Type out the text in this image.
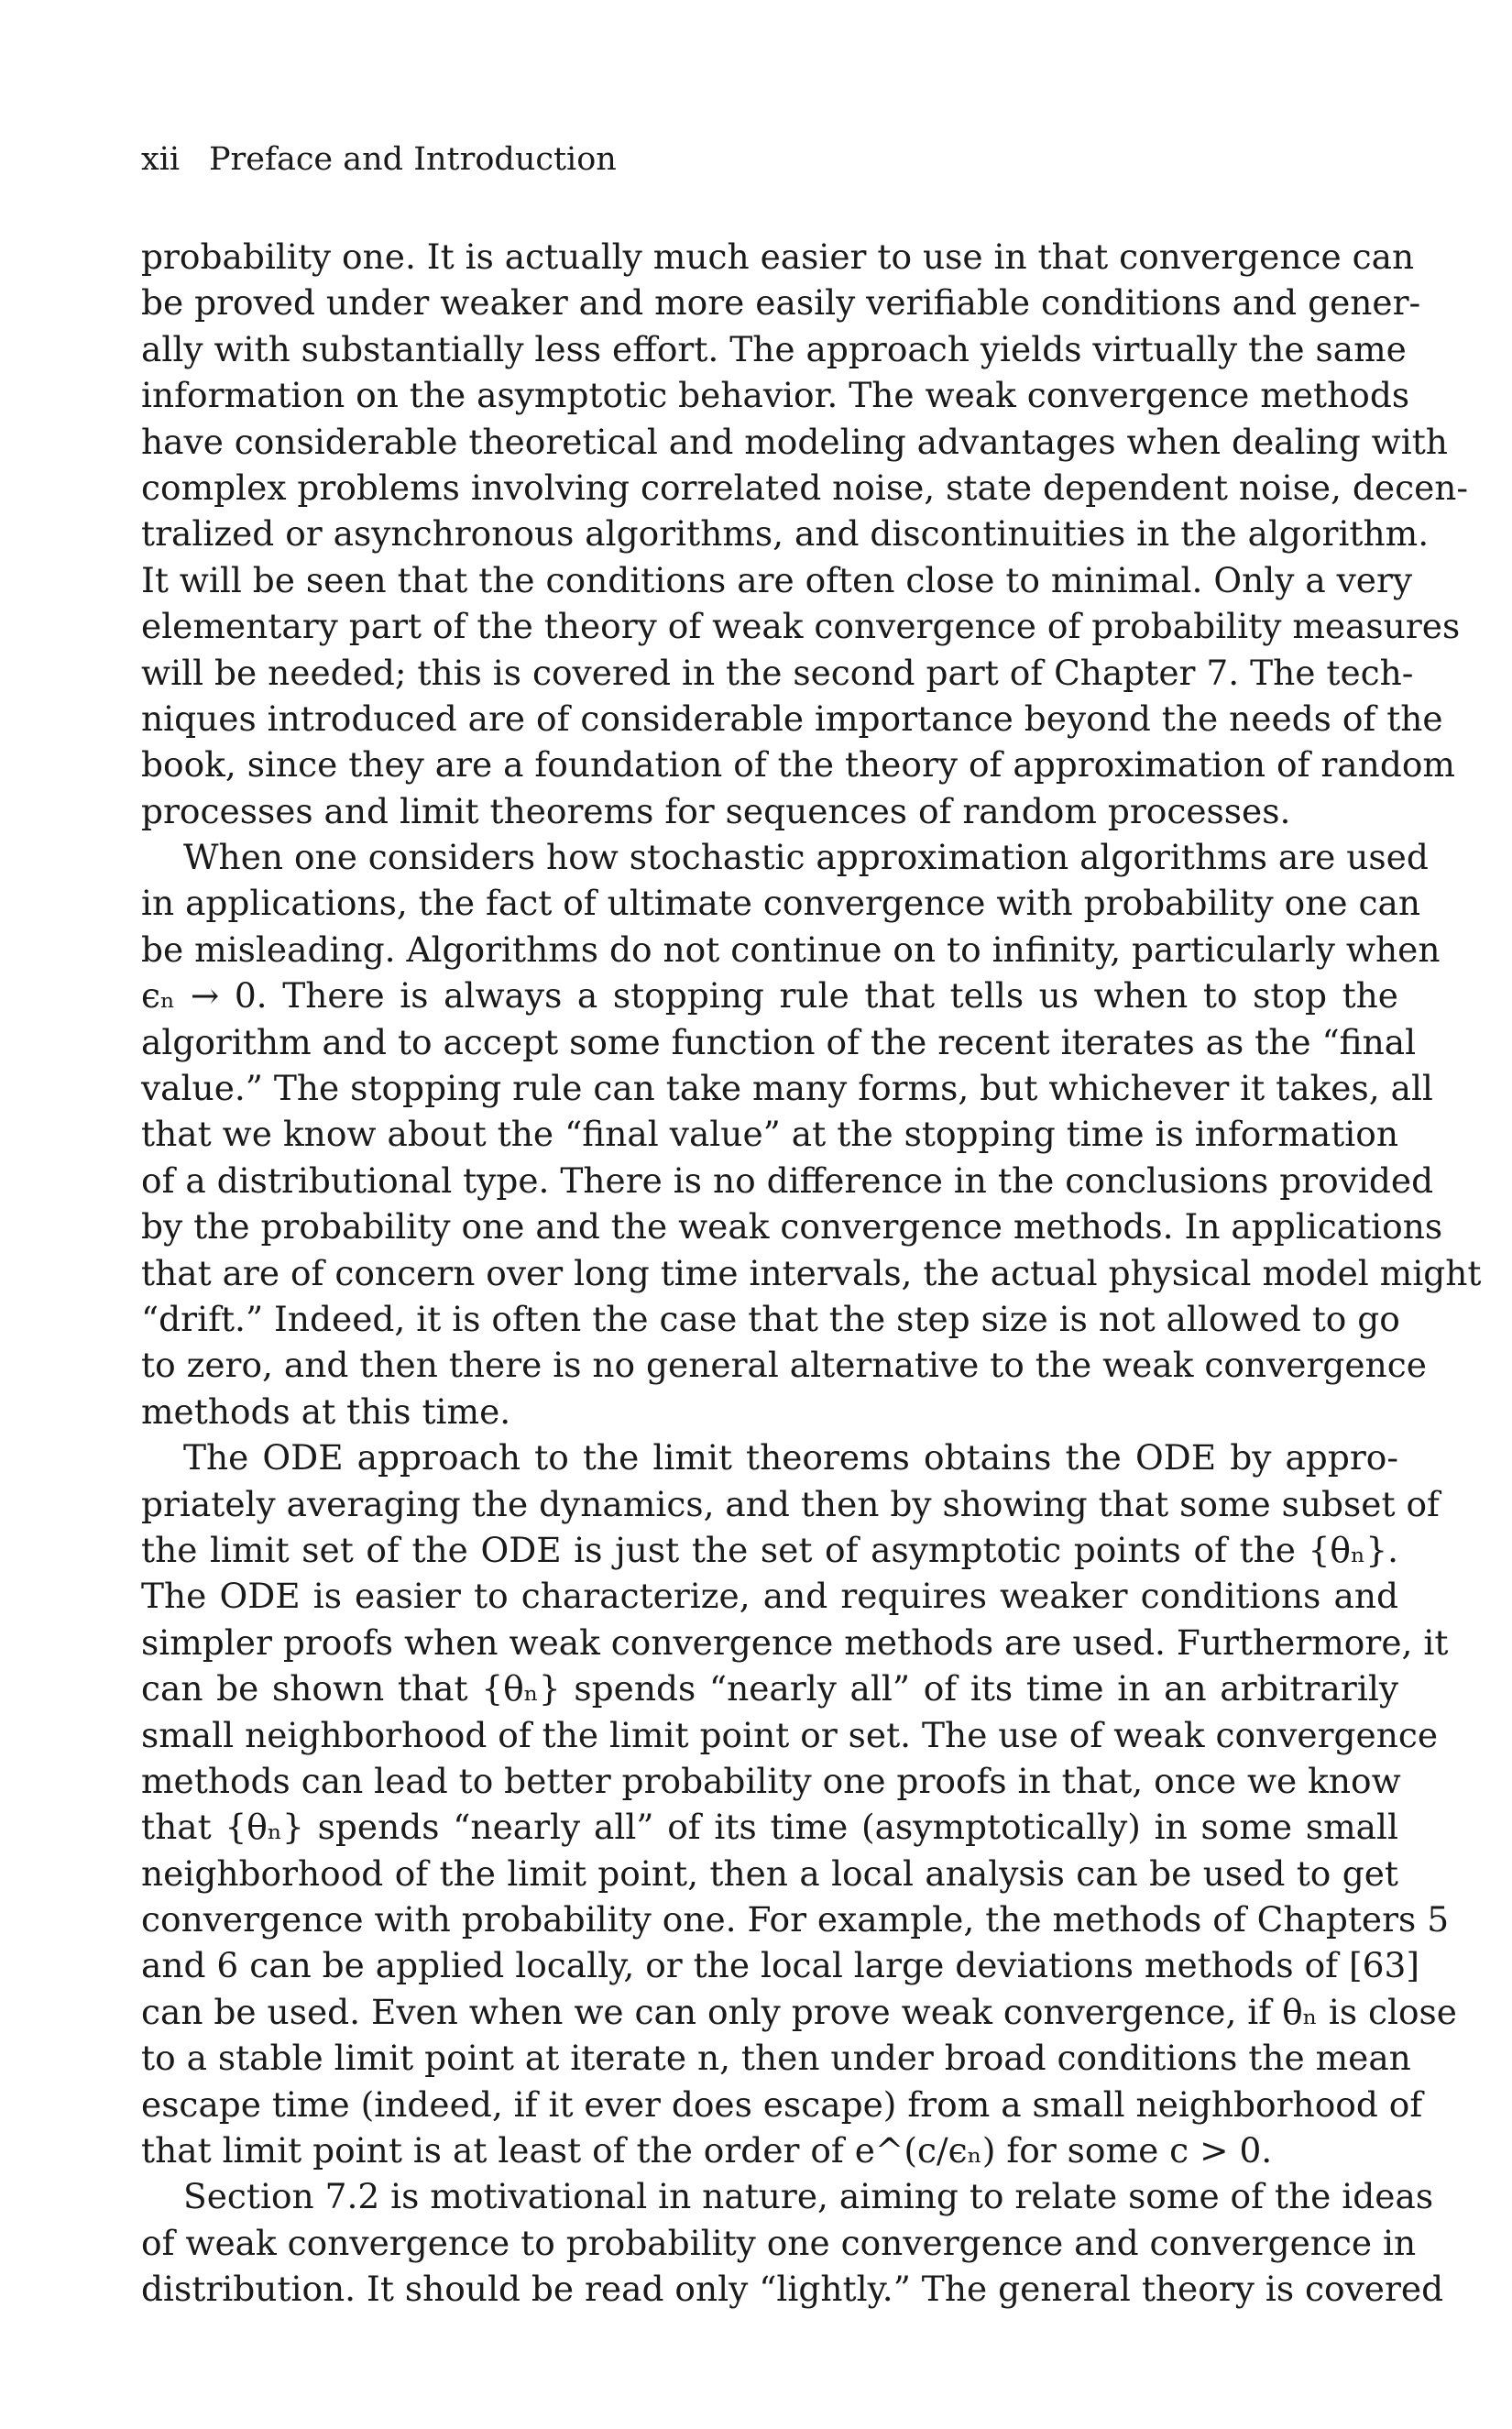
xii Preface and Introduction
probability one. It is actually much easier to use in that convergence can
be proved under weaker and more easily verifiable conditions and gener-
ally with substantially less effort. The approach yields virtually the same
information on the asymptotic behavior. The weak convergence methods
have considerable theoretical and modeling advantages when dealing with
complex problems involving correlated noise, state dependent noise, decen-
tralized or asynchronous algorithms, and discontinuities in the algorithm.
It will be seen that the conditions are often close to minimal. Only a very
elementary part of the theory of weak convergence of probability measures
will be needed; this is covered in the second part of Chapter 7. The tech-
niques introduced are of considerable importance beyond the needs of the
book, since they are a foundation of the theory of approximation of random
processes and limit theorems for sequences of random processes.
When one considers how stochastic approximation algorithms are used
in applications, the fact of ultimate convergence with probability one can
be misleading. Algorithms do not continue on to infinity, particularly when
ϵₙ → 0. There is always a stopping rule that tells us when to stop the
algorithm and to accept some function of the recent iterates as the “final
value.” The stopping rule can take many forms, but whichever it takes, all
that we know about the “final value” at the stopping time is information
of a distributional type. There is no difference in the conclusions provided
by the probability one and the weak convergence methods. In applications
that are of concern over long time intervals, the actual physical model might
“drift.” Indeed, it is often the case that the step size is not allowed to go
to zero, and then there is no general alternative to the weak convergence
methods at this time.
The ODE approach to the limit theorems obtains the ODE by appro-
priately averaging the dynamics, and then by showing that some subset of
the limit set of the ODE is just the set of asymptotic points of the {θₙ}.
The ODE is easier to characterize, and requires weaker conditions and
simpler proofs when weak convergence methods are used. Furthermore, it
can be shown that {θₙ} spends “nearly all” of its time in an arbitrarily
small neighborhood of the limit point or set. The use of weak convergence
methods can lead to better probability one proofs in that, once we know
that {θₙ} spends “nearly all” of its time (asymptotically) in some small
neighborhood of the limit point, then a local analysis can be used to get
convergence with probability one. For example, the methods of Chapters 5
and 6 can be applied locally, or the local large deviations methods of [63]
can be used. Even when we can only prove weak convergence, if θₙ is close
to a stable limit point at iterate n, then under broad conditions the mean
escape time (indeed, if it ever does escape) from a small neighborhood of
that limit point is at least of the order of e^(c/ϵₙ) for some c > 0.
Section 7.2 is motivational in nature, aiming to relate some of the ideas
of weak convergence to probability one convergence and convergence in
distribution. It should be read only “lightly.” The general theory is covered
